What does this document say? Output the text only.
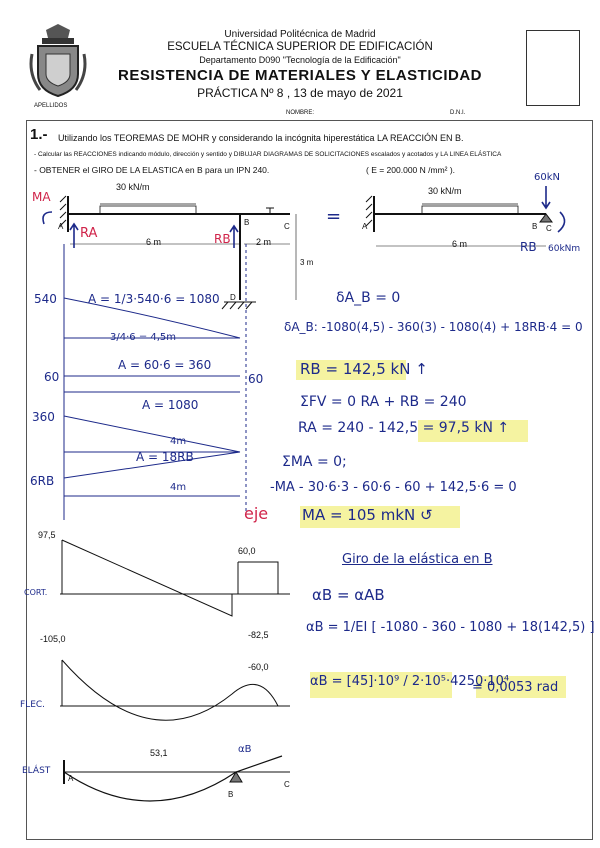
Universidad Politécnica de Madrid
ESCUELA TÉCNICA SUPERIOR DE EDIFICACIÓN
Departamento D090 "Tecnología de la Edificación"
RESISTENCIA DE MATERIALES Y ELASTICIDAD
PRÁCTICA Nº 8 , 13 de mayo de 2021
APELLIDOS
NOMBRE:	D.N.I.
1.- Utilizando los TEOREMAS DE MOHR y considerando la incógnita hiperestática LA REACCIÓN EN B.
- Calcular las REACCIONES indicando módulo, dirección y sentido y DIBUJAR DIAGRAMAS DE SOLICITACIONES escalados y acotados y LA LINEA ELÁSTICA
- OBTENER el GIRO DE LA ELASTICA en B para un IPN 240.	( E = 200.000 N /mm² ).
30 kN/m	30 kN/m
6 m	2 m	6 m
3 m
A	B	C
D
A	B C
MA
RA	RB
=
60kN
RB 60kNm
540	A = 1/3·540·6 = 1080
3/4·6 = 4,5m
60
A = 60·6 = 360
60
360
A = 1080
4m
A = 18RB
6RB	4m
eje
δA_B = 0
δA_B: -1080(4,5) - 360(3) - 1080(4) + 18RB·4 = 0
RB = 142,5 kN ↑
ΣFV = 0 RA + RB = 240
RA = 240 - 142,5 = 97,5 kN ↑
ΣMA = 0;
-MA - 30·6·3 - 60·6 - 60 + 142,5·6 = 0
MA = 105 mkN ↺
Giro de la elástica en B
αB = αAB
αB = 1/EI [ -1080 - 360 - 1080 + 18(142,5) ]
αB = [45]·10⁹ / 2·10⁵·4250·10⁴
= 0,0053 rad
97,5
60,0
-82,5
CORT.
-105,0
-60,0
53,1
FLEC.
ELÁST
A
B
C
αB
